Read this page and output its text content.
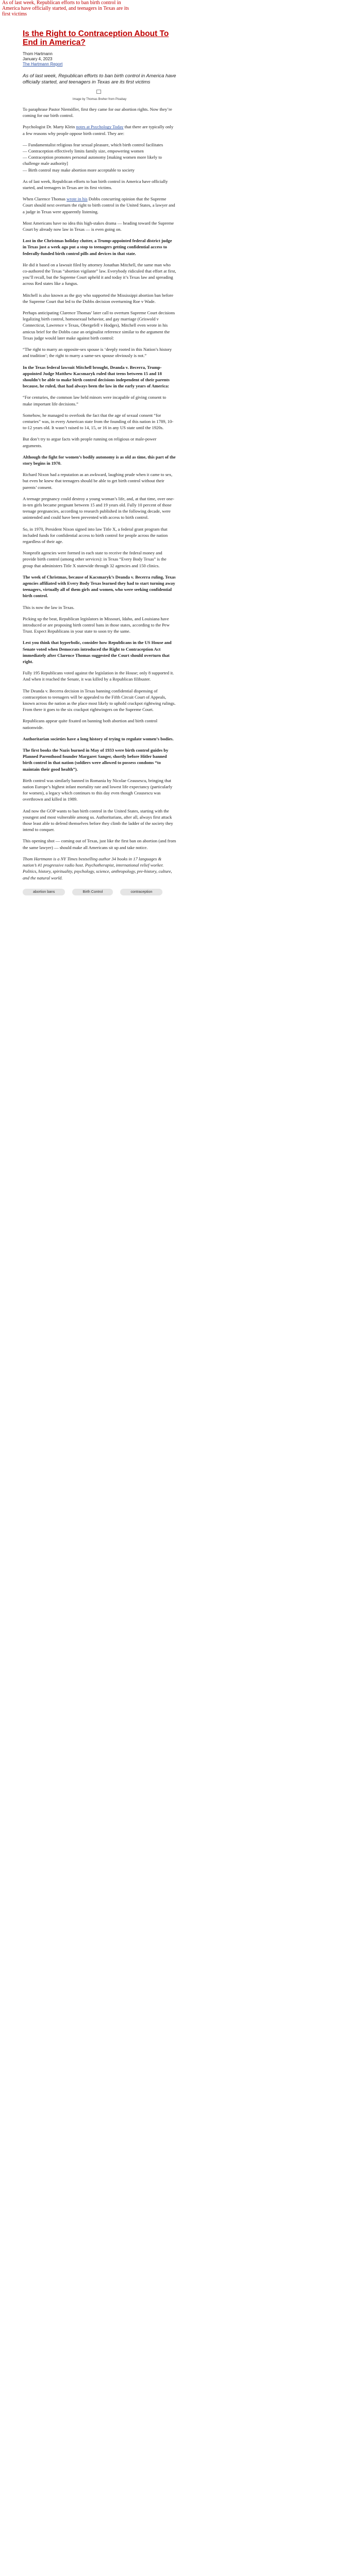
As of last week, Republican efforts to ban birth control in America have officially started, and teenagers in Texas are its first victims
Is the Right to Contraception About To End in America?
Thom Hartmann
January 4, 2023
The Hartmann Report
As of last week, Republican efforts to ban birth control in America have officially started, and teenagers in Texas are its first victims
Image by Thomas Breher from Pixabay

To paraphrase Pastor Niemöller, first they came for our abortion rights. Now they’re coming for our birth control.

Psychologist Dr. Marty Klein notes at Psychology Today that there are typically only a few reasons why people oppose birth control. They are:

— Fundamentalist religious fear sexual pleasure, which birth control facilitates

— Contraception effectively limits family size, empowering women

— Contraception promotes personal autonomy [making women more likely to challenge male authority]

— Birth control may make abortion more acceptable to society

As of last week, Republican efforts to ban birth control in America have officially started, and teenagers in Texas are its first victims.

When Clarence Thomas wrote in his Dobbs concurring opinion that the Supreme Court should next overturn the right to birth control in the United States, a lawyer and a judge in Texas were apparently listening.

Most Americans have no idea this high-stakes drama — heading toward the Supreme Court by already now law in Texas — is even going on.

Lost in the Christmas holiday clutter, a Trump-appointed federal district judge in Texas just a week ago put a stop to teenagers getting confidential access to federally-funded birth control pills and devices in that state.

He did it based on a lawsuit filed by attorney Jonathan Mitchell, the same man who co-authored the Texas “abortion vigilante” law. Everybody ridiculed that effort at first, you’ll recall, but the Supreme Court upheld it and today it’s Texas law and spreading across Red states like a fungus.

Mitchell is also known as the guy who supported the Mississippi abortion ban before the Supreme Court that led to the Dobbs decision overturning Roe v Wade.

Perhaps anticipating Clarence Thomas’ later call to overturn Supreme Court decisions legalizing birth control, homosexual behavior, and gay marriage (Griswold v Connecticut, Lawrence v Texas, Obergefell v Hodges), Mitchell even wrote in his amicus brief for the Dobbs case an originalist reference similar to the argument the Texas judge would later make against birth control:

“The right to marry an opposite-sex spouse is ‘deeply rooted in this Nation’s history and tradition’; the right to marry a same-sex spouse obviously is not.”

In the Texas federal lawsuit Mitchell brought, Deanda v. Becerra, Trump-appointed Judge Matthew Kacsmaryk ruled that teens between 15 and 18 shouldn’t be able to make birth control decisions independent of their parents because, he ruled, that had always been the law in the early years of America:

“For centuries, the common law held minors were incapable of giving consent to make important life decisions.”

Somehow, he managed to overlook the fact that the age of sexual consent “for centuries” was, in every American state from the founding of this nation in 1789, 10-to-12 years old. It wasn’t raised to 14, 15, or 16 in any US state until the 1920s.

But don’t try to argue facts with people running on religious or male-power arguments.

Although the fight for women’s bodily autonomy is as old as time, this part of the story begins in 1970.

Richard Nixon had a reputation as an awkward, laughing prude when it came to sex, but even he knew that teenagers should be able to get birth control without their parents’ consent.

A teenage pregnancy could destroy a young woman’s life, and, at that time, over one-in-ten girls became pregnant between 15 and 19 years old. Fully 10 percent of those teenage pregnancies, according to research published in the following decade, were unintended and could have been prevented with access to birth control.

So, in 1970, President Nixon signed into law Title X, a federal grant program that included funds for confidential access to birth control for people across the nation regardless of their age.

Nonprofit agencies were formed in each state to receive the federal money and provide birth control (among other services): in Texas “Every Body Texas” is the group that administers Title X statewide through 32 agencies and 150 clinics.

The week of Christmas, because of Kacsmaryk’s Deanda v. Becerra ruling, Texas agencies affiliated with Every Body Texas learned they had to start turning away teenagers, virtually all of them girls and women, who were seeking confidential birth control.

This is now the law in Texas.

Picking up the beat, Republican legislators in Missouri, Idaho, and Louisiana have introduced or are proposing birth control bans in those states, according to the Pew Trust. Expect Republicans in your state to soon try the same.

Lest you think that hyperbolic, consider how Republicans in the US House and Senate voted when Democrats introduced the Right to Contraception Act immediately after Clarence Thomas suggested the Court should overturn that right.

Fully 195 Republicans voted against the legislation in the House; only 8 supported it. And when it reached the Senate, it was killed by a Republican filibuster.

The Deanda v. Becerra decision in Texas banning confidential dispensing of contraception to teenagers will be appealed to the Fifth Circuit Court of Appeals, known across the nation as the place most likely to uphold crackpot rightwing rulings. From there it goes to the six crackpot rightwingers on the Supreme Court.

Republicans appear quite fixated on banning both abortion and birth control nationwide.

Authoritarian societies have a long history of trying to regulate women’s bodies.

The first books the Nazis burned in May of 1933 were birth control guides by Planned Parenthood founder Margaret Sanger, shortly before Hitler banned birth control in that nation (soldiers were allowed to possess condoms “to maintain their good health”).

Birth control was similarly banned in Romania by Nicolae Ceausescu, bringing that nation Europe’s highest infant mortality rate and lowest life expectancy (particularly for women), a legacy which continues to this day even though Ceausescu was overthrown and killed in 1989.

And now the GOP wants to ban birth control in the United States, starting with the youngest and most vulnerable among us. Authoritarians, after all, always first attack those least able to defend themselves before they climb the ladder of the society they intend to conquer.

This opening shot — coming out of Texas, just like the first ban on abortion (and from the same lawyer) — should make all Americans sit up and take notice.

Thom Hartmann is a NY Times bestselling author 34 books in 17 languages & nation’s #1 progressive radio host. Psychotherapist, international relief worker. Politics, history, spirituality, psychology, science, anthropology, pre-history, culture, and the natural world.

abortion bans	Birth Control	contraception
